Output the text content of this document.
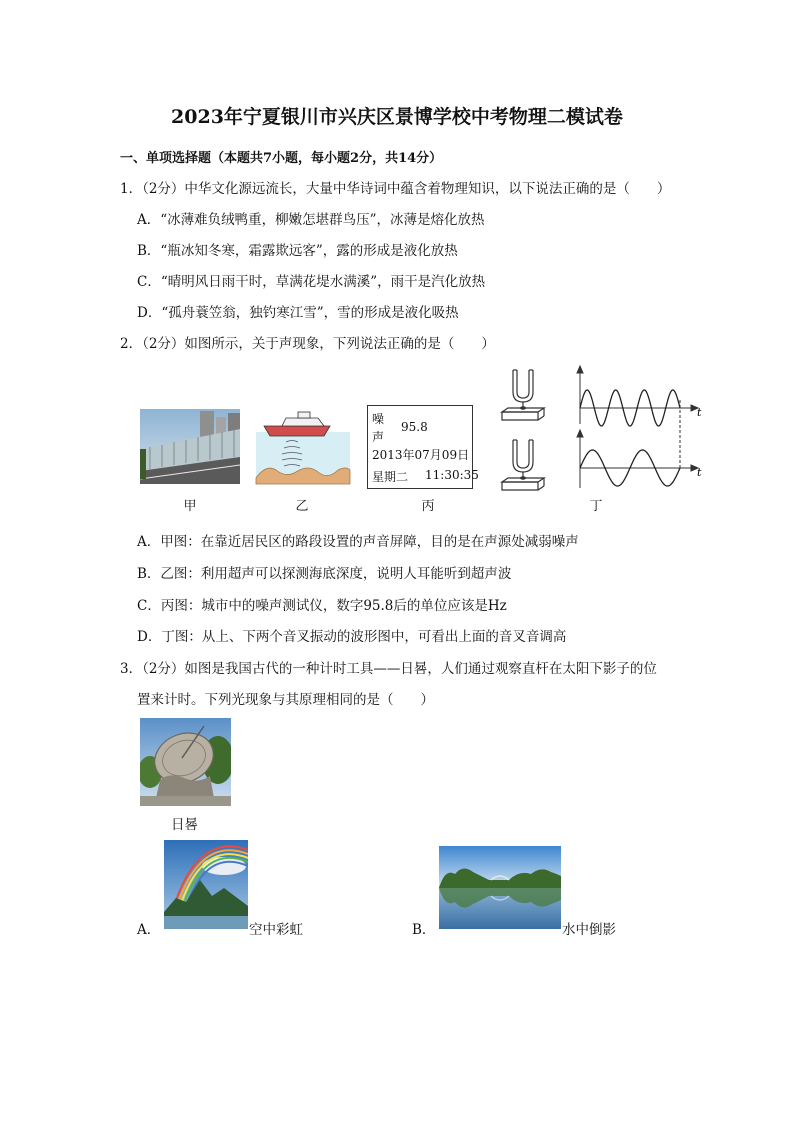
2023年宁夏银川市兴庆区景博学校中考物理二模试卷
一、单项选择题（本题共7小题，每小题2分，共14分）
1．（2分）中华文化源远流长，大量中华诗词中蕴含着物理知识，以下说法正确的是（　　）
A．“冰薄难负绒鸭重，柳嫩怎堪群鸟压”，冰薄是熔化放热
B．“瓶冰知冬寒，霜露欺远客”，露的形成是液化放热
C．“晴明风日雨干时，草满花堤水满溪”，雨干是汽化放热
D．“孤舟蓑笠翁，独钓寒江雪”，雪的形成是液化吸热
2．（2分）如图所示，关于声现象，下列说法正确的是（　　）
甲	乙
噪
声
95.8
2013年07月09日
星期二 11:30:35
丙
t
t
丁
A．甲图：在靠近居民区的路段设置的声音屏障，目的是在声源处减弱噪声
B．乙图：利用超声可以探测海底深度，说明人耳能听到超声波
C．丙图：城市中的噪声测试仪，数字95.8后的单位应该是Hz
D．丁图：从上、下两个音叉振动的波形图中，可看出上面的音叉音调高
3．（2分）如图是我国古代的一种计时工具——日晷，人们通过观察直杆在太阳下影子的位
置来计时。下列光现象与其原理相同的是（　　）
日晷
A．	空中彩虹	B．	水中倒影
